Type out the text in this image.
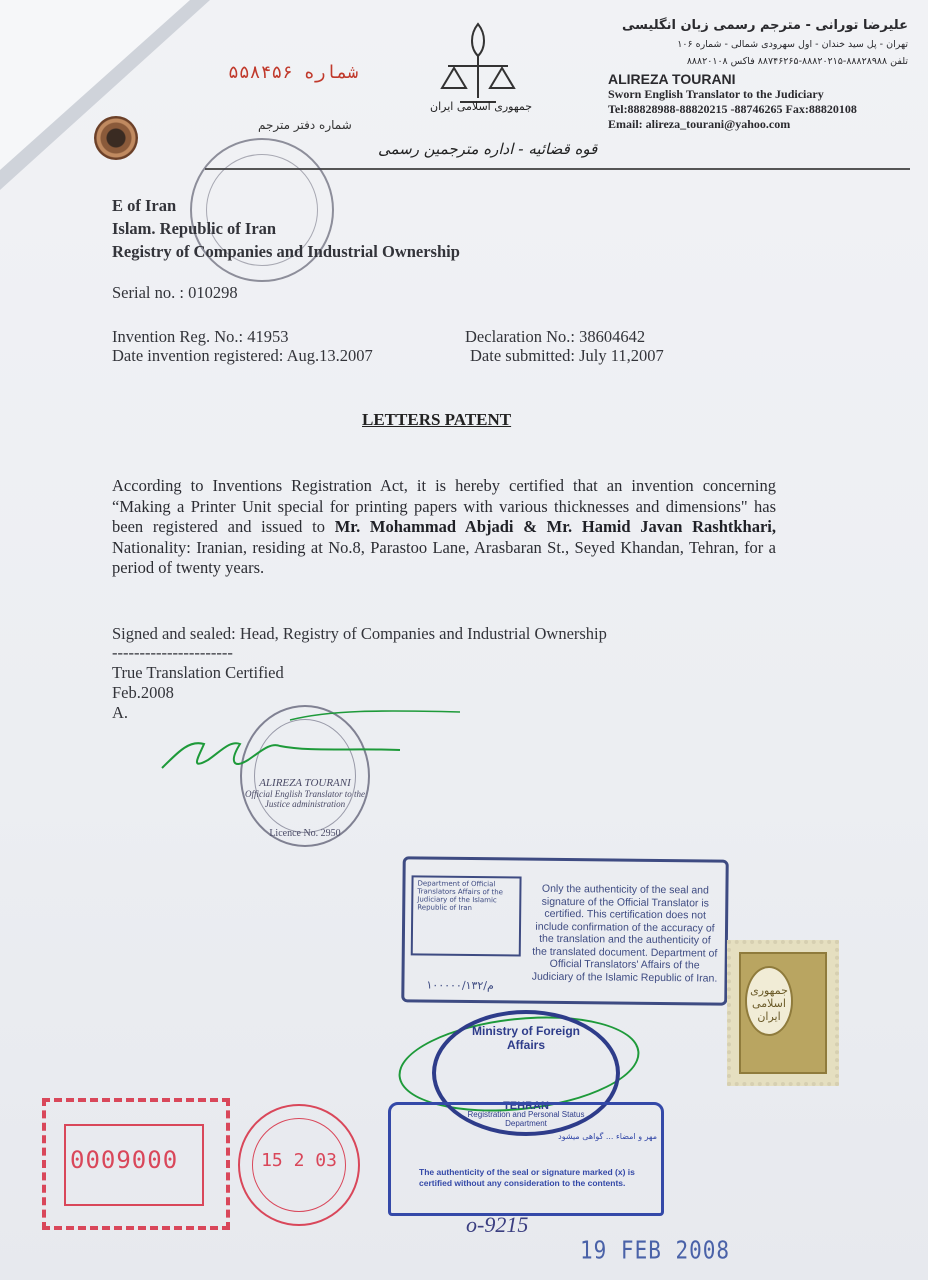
۵۵۸۴۵۶ شماره
شماره دفتر مترجم
جمهوری اسلامی ایران
قوه قضائیه - اداره مترجمین رسمی
علیرضا تورانی - مترجم رسمی زبان انگلیسی
تهران - پل سید خندان - اول سهرودی شمالی - شماره ۱۰۶
تلفن ۸۸۸۲۸۹۸۸-۸۸۸۲۰۲۱۵-۸۸۷۴۶۲۶۵ فاکس ۸۸۸۲۰۱۰۸
ALIREZA TOURANI
Sworn English Translator to the Judiciary
Tel:88828988-88820215 -88746265 Fax:88820108
Email: alireza_tourani@yahoo.com
E of Iran
Islam. Republic of Iran
Registry of Companies and Industrial Ownership
Serial no. : 010298
Invention Reg. No.: 41953
Date invention registered: Aug.13.2007
Declaration No.: 38604642
Date submitted: July 11,2007
LETTERS PATENT
According to Inventions Registration Act, it is hereby certified that an invention concerning “Making a Printer Unit special for printing papers with various thicknesses and dimensions" has been registered and issued to Mr. Mohammad Abjadi & Mr. Hamid Javan Rashtkhari, Nationality: Iranian, residing at No.8, Parastoo Lane, Arasbaran St., Seyed Khandan, Tehran, for a period of twenty years.
Signed and sealed: Head, Registry of Companies and Industrial Ownership
----------------------
True Translation Certified
Feb.2008
A.
ALIREZA TOURANI
Official English Translator to the Justice administration
Licence No. 2950
Department of Official Translators Affairs of the Judiciary of the Islamic Republic of Iran
Only the authenticity of the seal and signature of the Official Translator is certified. This certification does not include confirmation of the accuracy of the translation and the authenticity of the translated document. Department of Official Translators' Affairs of the Judiciary of the Islamic Republic of Iran.
۱۰۰۰۰۰/م/۱۳۲	جمهوری اسلامی ایران
Ministry of Foreign Affairs
TEHRAN
Registration and Personal Status Department
مهر و امضاء ... گواهی میشود
The authenticity of the seal or signature marked (x) is certified without any consideration to the contents.
0009000	15 2 03
o-9215
19 FEB 2008
